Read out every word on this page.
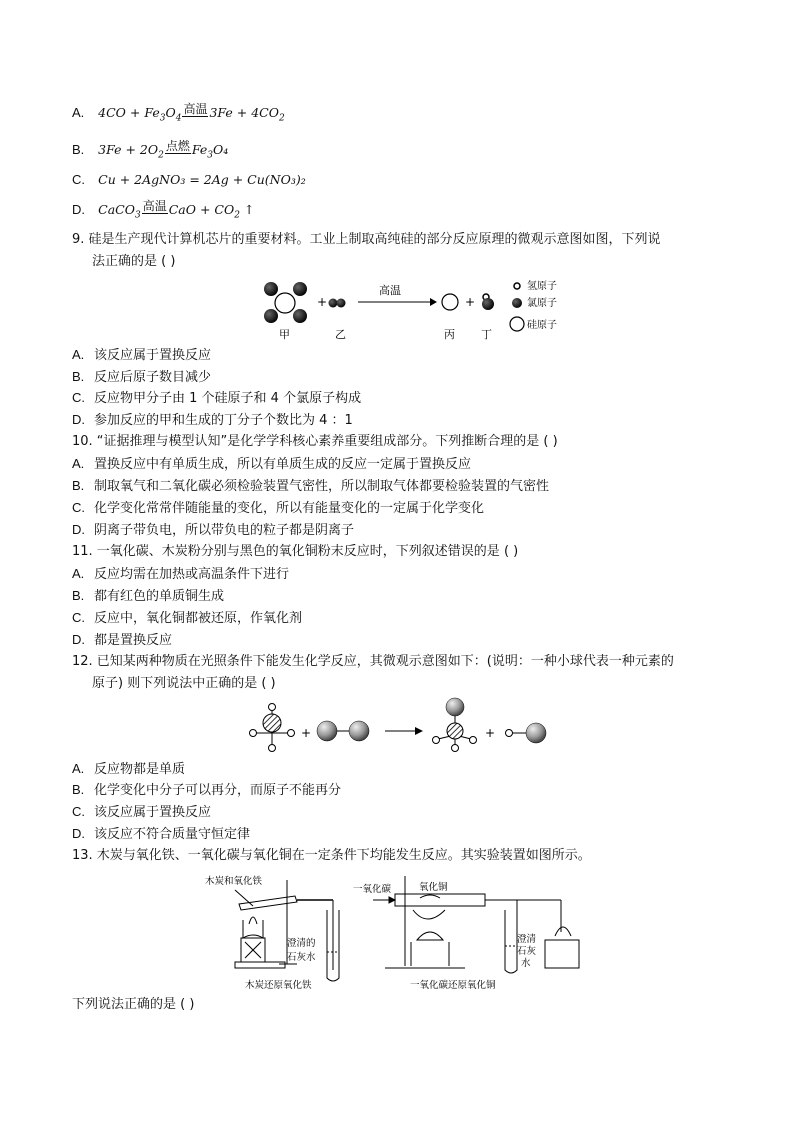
A. $4CO + Fe_3O_4$高温 $3Fe + 4CO_2$
B. $3Fe + 2O_2$点燃 $Fe_3O_4$
C. Cu + 2AgNO₃ = 2Ag + Cu(NO₃)₂
D. CaCO$_3$高温 CaO + $CO_2$ ↑
9. 硅是生产现代计算机芯片的重要材料。工业上制取高纯硅的部分反应原理的微观示意图如图，下列说
法正确的是 ( )
+
高温
+
甲	乙	丙 丁
氢原子
氯原子
硅原子
A. 该反应属于置换反应
B. 反应后原子数目减少
C. 反应物甲分子由 1 个硅原子和 4 个氯原子构成
D. 参加反应的甲和生成的丁分子个数比为 4 ：1
10. “证据推理与模型认知”是化学学科核心素养重要组成部分。下列推断合理的是 ( )
A. 置换反应中有单质生成，所以有单质生成的反应一定属于置换反应
B. 制取氧气和二氧化碳必须检验装置气密性，所以制取气体都要检验装置的气密性
C. 化学变化常常伴随能量的变化，所以有能量变化的一定属于化学变化
D. 阴离子带负电，所以带负电的粒子都是阴离子
11. 一氧化碳、木炭粉分别与黑色的氧化铜粉末反应时，下列叙述错误的是 ( )
A. 反应均需在加热或高温条件下进行
B. 都有红色的单质铜生成
C. 反应中，氧化铜都被还原，作氧化剂
D. 都是置换反应
12. 已知某两种物质在光照条件下能发生化学反应，其微观示意图如下：(说明：一种小球代表一种元素的
原子) 则下列说法中正确的是 ( )
+	+
A. 反应物都是单质
B. 化学变化中分子可以再分，而原子不能再分
C. 该反应属于置换反应
D. 该反应不符合质量守恒定律
13. 木炭与氧化铁、一氧化碳与氧化铜在一定条件下均能发生反应。其实验装置如图所示。
木炭和氧化铁
澄清的
石灰水
木炭还原氧化铁
一氧化碳	氧化铜
澄清
石灰
水
一氧化碳还原氧化铜
下列说法正确的是 ( )
